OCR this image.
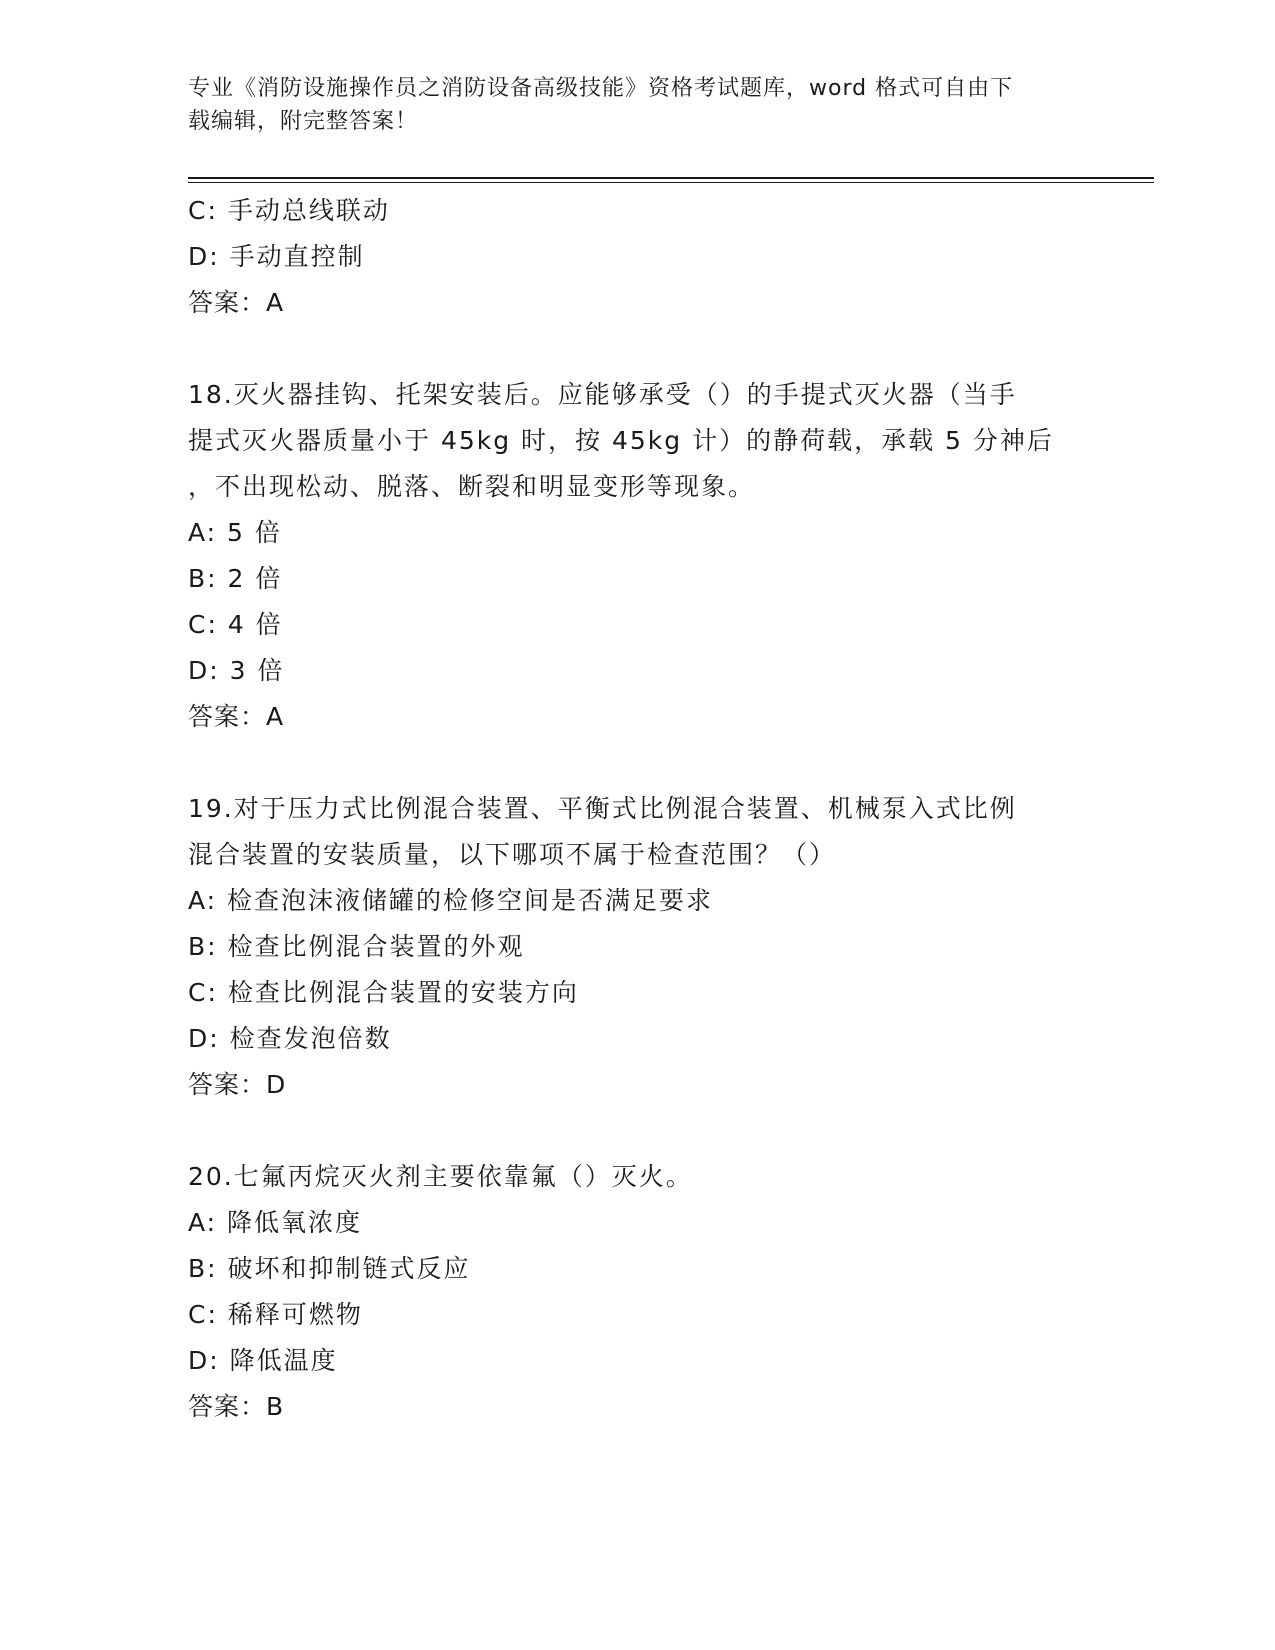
专业《消防设施操作员之消防设备高级技能》资格考试题库，word 格式可自由下
载编辑，附完整答案！
C: 手动总线联动
D: 手动直控制
答案：A
18.灭火器挂钩、托架安装后。应能够承受（）的手提式灭火器（当手
提式灭火器质量小于 45kg 时，按 45kg 计）的静荷载，承载 5 分神后
，不出现松动、脱落、断裂和明显变形等现象。
A: 5 倍
B: 2 倍
C: 4 倍
D: 3 倍
答案：A
19.对于压力式比例混合装置、平衡式比例混合装置、机械泵入式比例
混合装置的安装质量，以下哪项不属于检查范围？（）
A: 检查泡沫液储罐的检修空间是否满足要求
B: 检查比例混合装置的外观
C: 检查比例混合装置的安装方向
D: 检查发泡倍数
答案：D
20.七氟丙烷灭火剂主要依靠氟（）灭火。
A: 降低氧浓度
B: 破坏和抑制链式反应
C: 稀释可燃物
D: 降低温度
答案：B
